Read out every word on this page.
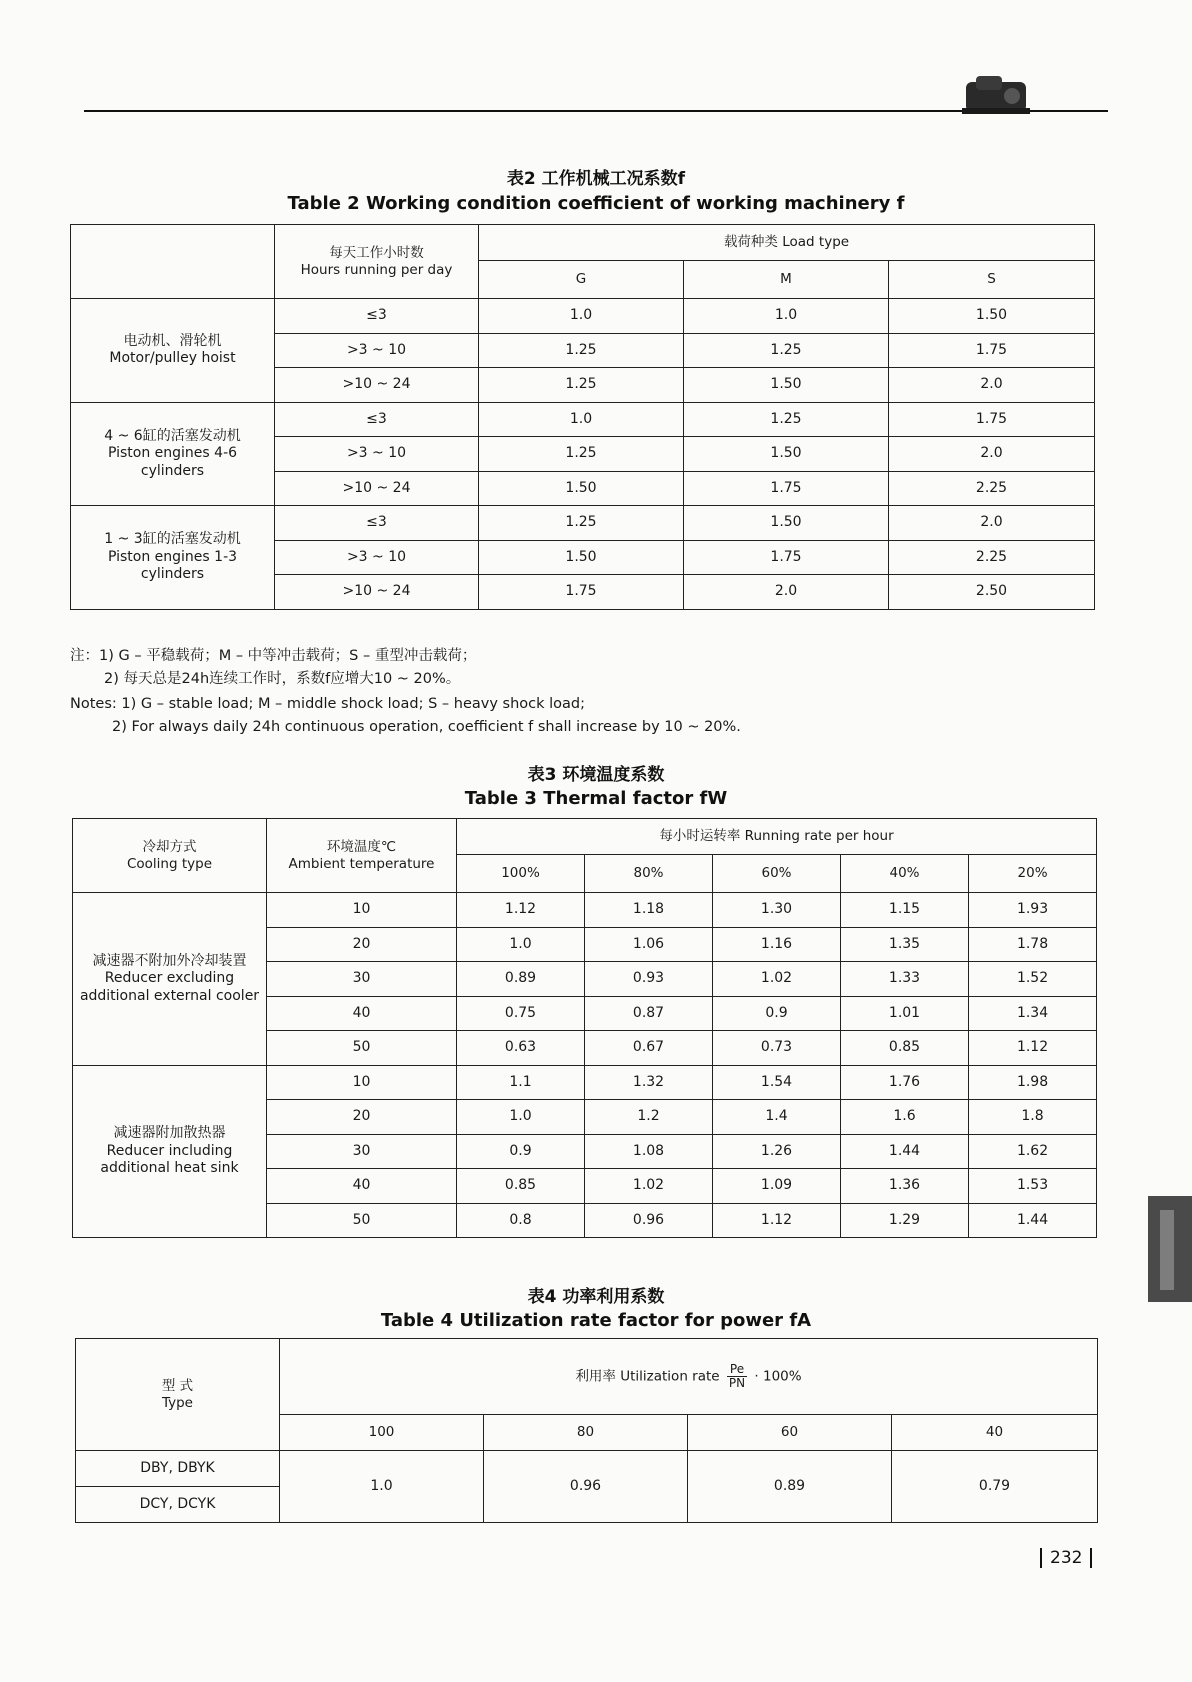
表2 工作机械工况系数f
Table 2 Working condition coefficient of working machinery f

	每天工作小时数
Hours running per day	载荷种类 Load type		
		G	M	S

电动机、滑轮机
Motor/pulley hoist	≤3	1.0	1.0	1.50
	>3 ~ 10	1.25	1.25	1.75
	>10 ~ 24	1.25	1.50	2.0

4 ~ 6缸的活塞发动机
Piston engines 4-6 cylinders	≤3	1.0	1.25	1.75
	>3 ~ 10	1.25	1.50	2.0
	>10 ~ 24	1.50	1.75	2.25

1 ~ 3缸的活塞发动机
Piston engines 1-3 cylinders	≤3	1.25	1.50	2.0
	>3 ~ 10	1.50	1.75	2.25
	>10 ~ 24	1.75	2.0	2.50
注：1) G – 平稳载荷；M – 中等冲击载荷；S – 重型冲击载荷；
2) 每天总是24h连续工作时，系数f应增大10 ~ 20%。
Notes: 1) G – stable load; M – middle shock load; S – heavy shock load;
2) For always daily 24h continuous operation, coefficient f shall increase by 10 ~ 20%.
表3 环境温度系数
Table 3 Thermal factor fW
冷却方式
Cooling type	环境温度℃
Ambient temperature	每小时运转率 Running rate per hour				
		100%	80%	60%	40%	20%

减速器不附加外冷却装置
Reducer excluding additional external cooler	10	1.12	1.18	1.30	1.15	1.93
	20	1.0	1.06	1.16	1.35	1.78
	30	0.89	0.93	1.02	1.33	1.52
	40	0.75	0.87	0.9	1.01	1.34
	50	0.63	0.67	0.73	0.85	1.12

减速器附加散热器
Reducer including additional heat sink	10	1.1	1.32	1.54	1.76	1.98
	20	1.0	1.2	1.4	1.6	1.8
	30	0.9	1.08	1.26	1.44	1.62
	40	0.85	1.02	1.09	1.36	1.53
	50	0.8	0.96	1.12	1.29	1.44
表4 功率利用系数
Table 4 Utilization rate factor for power fA
型 式
Type	利用率 Utilization rate $\frac{Pe}{PN} \cdot 100\%$			
	100	80	60	40
DBY, DBYK	1.0	0.96	0.89	0.79
DCY, DCYK				
232
